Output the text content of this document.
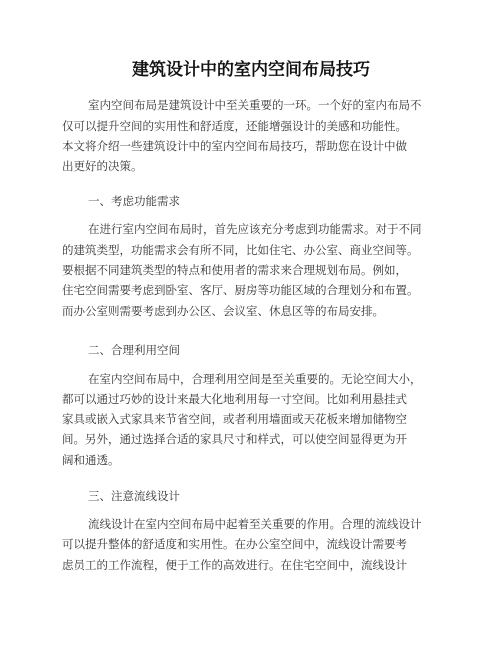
建筑设计中的室内空间布局技巧
室内空间布局是建筑设计中至关重要的一环。一个好的室内布局不
仅可以提升空间的实用性和舒适度，还能增强设计的美感和功能性。
本文将介绍一些建筑设计中的室内空间布局技巧，帮助您在设计中做
出更好的决策。
一、考虑功能需求
在进行室内空间布局时，首先应该充分考虑到功能需求。对于不同
的建筑类型，功能需求会有所不同，比如住宅、办公室、商业空间等。
要根据不同建筑类型的特点和使用者的需求来合理规划布局。例如，
住宅空间需要考虑到卧室、客厅、厨房等功能区域的合理划分和布置。
而办公室则需要考虑到办公区、会议室、休息区等的布局安排。
二、合理利用空间
在室内空间布局中，合理利用空间是至关重要的。无论空间大小，
都可以通过巧妙的设计来最大化地利用每一寸空间。比如利用悬挂式
家具或嵌入式家具来节省空间，或者利用墙面或天花板来增加储物空
间。另外，通过选择合适的家具尺寸和样式，可以使空间显得更为开
阔和通透。
三、注意流线设计
流线设计在室内空间布局中起着至关重要的作用。合理的流线设计
可以提升整体的舒适度和实用性。在办公室空间中，流线设计需要考
虑员工的工作流程，便于工作的高效进行。在住宅空间中，流线设计
